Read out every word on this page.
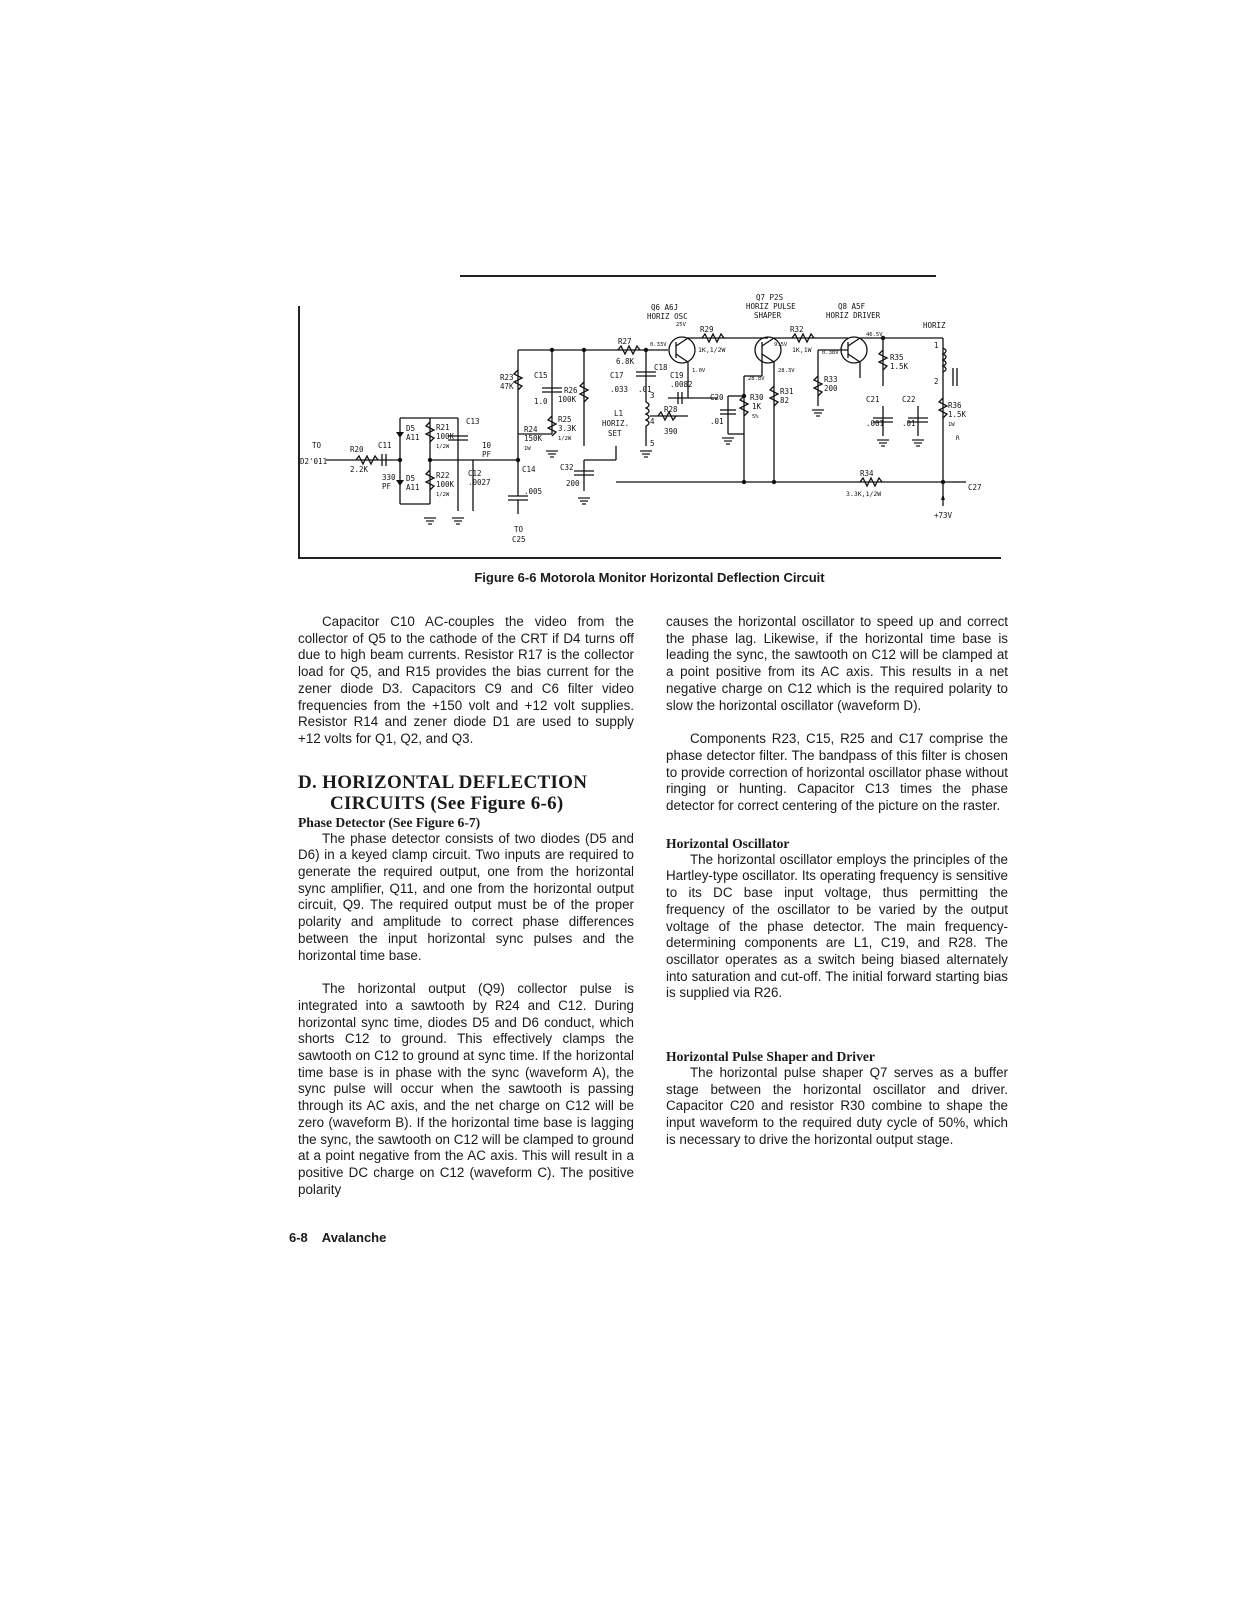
Q6 A6J
HORIZ OSC
Q7 P2S
HORIZ PULSE
SHAPER
Q8 A5F
HORIZ DRIVER
HORIZ
TO
D2'011
R20
2.2K
C11
330
PF
D5
A11
D5
A11
R21
100K
1/2W
R22
100K
1/2W
C13
10
PF
C12
.0027
R23
47K
C15
1.0
R26
100K
R24
150K
1W
R25
3.3K
1/2W
C14
.005
TO
C25
C32
200
R27
6.8K
C17
.033
C18
.01
C19
.0082
L1
HORIZ.
SET
R28
390
R29
1K,1/2W
0.33V
25V
1.0V
C20
.01
R30
1K
5%
R31
82
R32
1K,1W
28.8V
9.5V
28.3V
R33
200
0.38V
46.5V
R35
1.5K
C21
.001
C22
.01
R36
1.5K
1W
R34
3.3K,1/2W
C27
+73V
1
2
3
4
5
R
Figure 6-6 Motorola Monitor Horizontal Deflection Circuit

Capacitor C10 AC-couples the video from the collector of Q5 to the cathode of the CRT if D4 turns off due to high beam currents. Resistor R17 is the collector load for Q5, and R15 provides the bias current for the zener diode D3. Capacitors C9 and C6 filter video frequencies from the +150 volt and +12 volt supplies. Resistor R14 and zener diode D1 are used to supply +12 volts for Q1, Q2, and Q3.

D. HORIZONTAL DEFLECTION
CIRCUITS (See Figure 6-6)
Phase Detector (See Figure 6-7)

The phase detector consists of two diodes (D5 and D6) in a keyed clamp circuit. Two inputs are required to generate the required output, one from the horizontal sync amplifier, Q11, and one from the horizontal output circuit, Q9. The required output must be of the proper polarity and amplitude to correct phase differences between the input horizontal sync pulses and the horizontal time base.

The horizontal output (Q9) collector pulse is integrated into a sawtooth by R24 and C12. During horizontal sync time, diodes D5 and D6 conduct, which shorts C12 to ground. This effectively clamps the sawtooth on C12 to ground at sync time. If the horizontal time base is in phase with the sync (waveform A), the sync pulse will occur when the sawtooth is passing through its AC axis, and the net charge on C12 will be zero (waveform B). If the horizontal time base is lagging the sync, the sawtooth on C12 will be clamped to ground at a point negative from the AC axis. This will result in a positive DC charge on C12 (waveform C). The positive polarity

causes the horizontal oscillator to speed up and correct the phase lag. Likewise, if the horizontal time base is leading the sync, the sawtooth on C12 will be clamped at a point positive from its AC axis. This results in a net negative charge on C12 which is the required polarity to slow the horizontal oscillator (waveform D).

Components R23, C15, R25 and C17 comprise the phase detector filter. The bandpass of this filter is chosen to provide correction of horizontal oscillator phase without ringing or hunting. Capacitor C13 times the phase detector for correct centering of the picture on the raster.

Horizontal Oscillator

The horizontal oscillator employs the principles of the Hartley-type oscillator. Its operating frequency is sensitive to its DC base input voltage, thus permitting the frequency of the oscillator to be varied by the output voltage of the phase detector. The main frequency-determining components are L1, C19, and R28. The oscillator operates as a switch being biased alternately into saturation and cut-off. The initial forward starting bias is supplied via R26.

Horizontal Pulse Shaper and Driver

The horizontal pulse shaper Q7 serves as a buffer stage between the horizontal oscillator and driver. Capacitor C20 and resistor R30 combine to shape the input waveform to the required duty cycle of 50%, which is necessary to drive the horizontal output stage.

6-8 Avalanche
